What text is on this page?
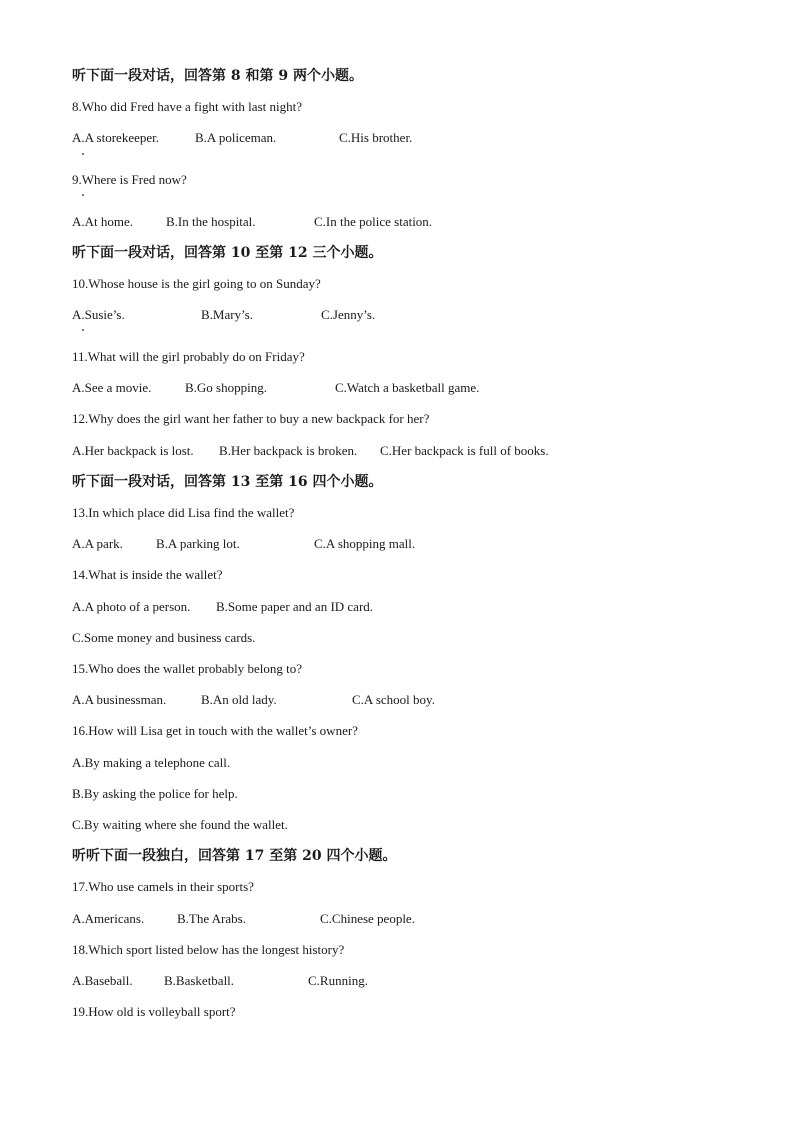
听下面一段对话，回答第 8 和第 9 两个小题。
8.Who did Fred have a fight with last night?
A.A storekeeper.	B.A policeman.	C.His brother.
9.Where is Fred now?
A.At home.	B.In the hospital.	C.In the police station.
听下面一段对话，回答第 10 至第 12 三个小题。
10.Whose house is the girl going to on Sunday?
A.Susie’s.	B.Mary’s.	C.Jenny’s.
11.What will the girl probably do on Friday?
A.See a movie.	B.Go shopping.	C.Watch a basketball game.
12.Why does the girl want her father to buy a new backpack for her?
A.Her backpack is lost. B.Her backpack is broken. C.Her backpack is full of books.
听下面一段对话，回答第 13 至第 16 四个小题。
13.In which place did Lisa find the wallet?
A.A park.	B.A parking lot.	C.A shopping mall.
14.What is inside the wallet?
A.A photo of a person. B.Some paper and an ID card.
C.Some money and business cards.
15.Who does the wallet probably belong to?
A.A businessman.	B.An old lady.	C.A school boy.
16.How will Lisa get in touch with the wallet’s owner?
A.By making a telephone call.
B.By asking the police for help.
C.By waiting where she found the wallet.
听听下面一段独白，回答第 17 至第 20 四个小题。
17.Who use camels in their sports?
A.Americans.	B.The Arabs.	C.Chinese people.
18.Which sport listed below has the longest history?
A.Baseball. B.Basketball.	C.Running.
19.How old is volleyball sport?
